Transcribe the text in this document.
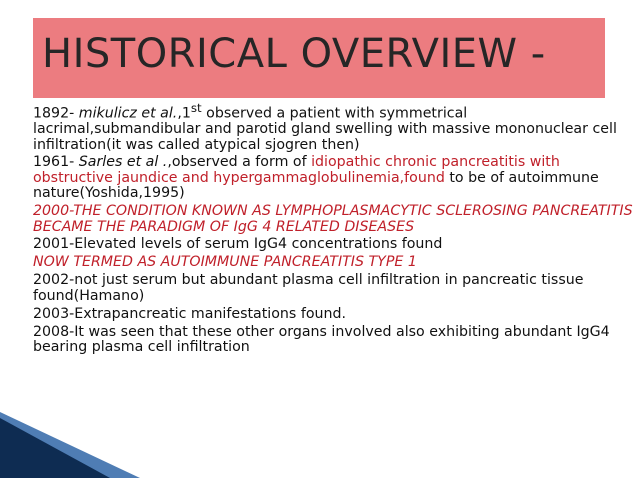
HISTORICAL OVERVIEW -

1892- mikulicz et al.,1st observed a patient with symmetrical lacrimal,submandibular and parotid gland swelling with massive mononuclear cell infiltration(it was called atypical sjogren then)

1961- Sarles et al .,observed a form of idiopathic chronic pancreatitis with obstructive jaundice and hypergammaglobulinemia,found to be of autoimmune nature(Yoshida,1995)

2000-THE CONDITION KNOWN AS LYMPHOPLASMACYTIC SCLEROSING PANCREATITIS BECAME THE PARADIGM OF IgG 4 RELATED DISEASES

2001-Elevated levels of serum IgG4 concentrations found

NOW TERMED AS AUTOIMMUNE PANCREATITIS TYPE 1

2002-not just serum but abundant plasma cell infiltration in pancreatic tissue found(Hamano)

2003-Extrapancreatic manifestations found.

2008-It was seen that these other organs involved also exhibiting abundant IgG4 bearing plasma cell infiltration
